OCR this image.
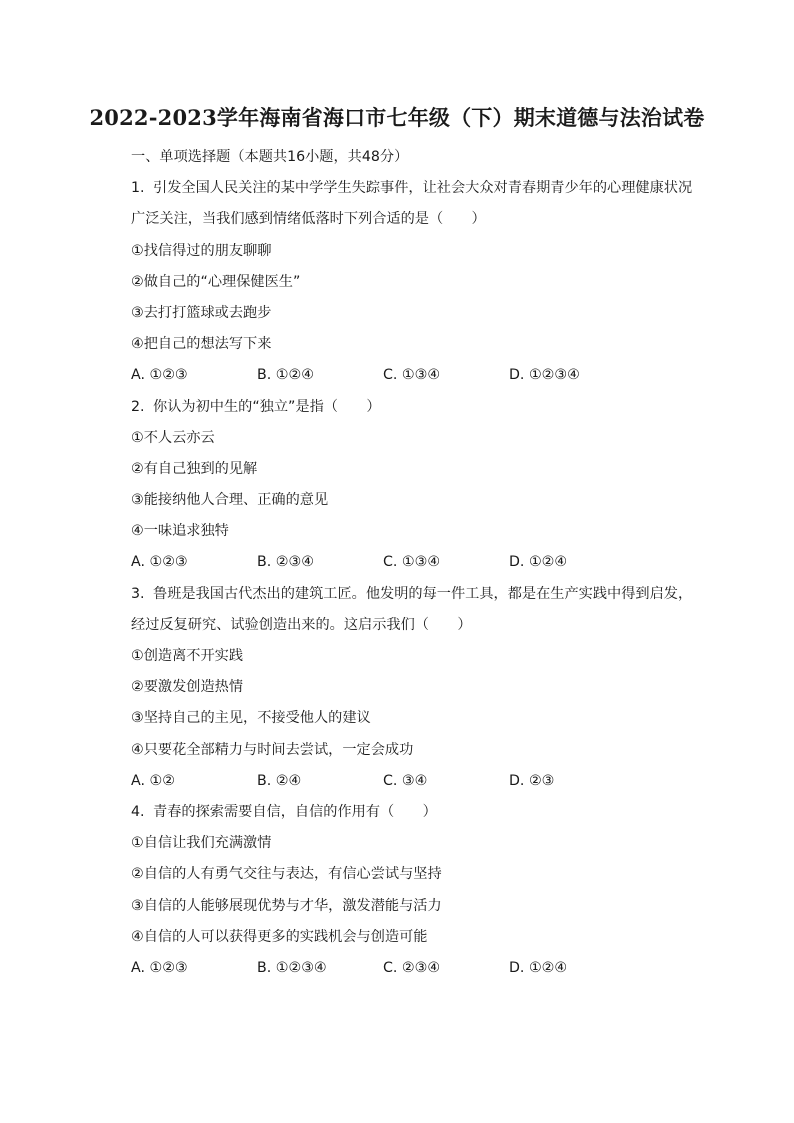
2022-2023学年海南省海口市七年级（下）期末道德与法治试卷
一、单项选择题（本题共16小题，共48分）
1. 引发全国人民关注的某中学学生失踪事件，让社会大众对青春期青少年的心理健康状况
广泛关注，当我们感到情绪低落时下列合适的是（　　）
①找信得过的朋友聊聊
②做自己的“心理保健医生”
③去打打篮球或去跑步
④把自己的想法写下来
A. ①②③	B. ①②④	C. ①③④	D. ①②③④
2. 你认为初中生的“独立”是指（　　）
①不人云亦云
②有自己独到的见解
③能接纳他人合理、正确的意见
④一味追求独特
A. ①②③	B. ②③④	C. ①③④	D. ①②④
3. 鲁班是我国古代杰出的建筑工匠。他发明的每一件工具，都是在生产实践中得到启发，
经过反复研究、试验创造出来的。这启示我们（　　）
①创造离不开实践
②要激发创造热情
③坚持自己的主见，不接受他人的建议
④只要花全部精力与时间去尝试，一定会成功
A. ①②	B. ②④	C. ③④	D. ②③
4. 青春的探索需要自信，自信的作用有（　　）
①自信让我们充满激情
②自信的人有勇气交往与表达，有信心尝试与坚持
③自信的人能够展现优势与才华，激发潜能与活力
④自信的人可以获得更多的实践机会与创造可能
A. ①②③	B. ①②③④	C. ②③④	D. ①②④
